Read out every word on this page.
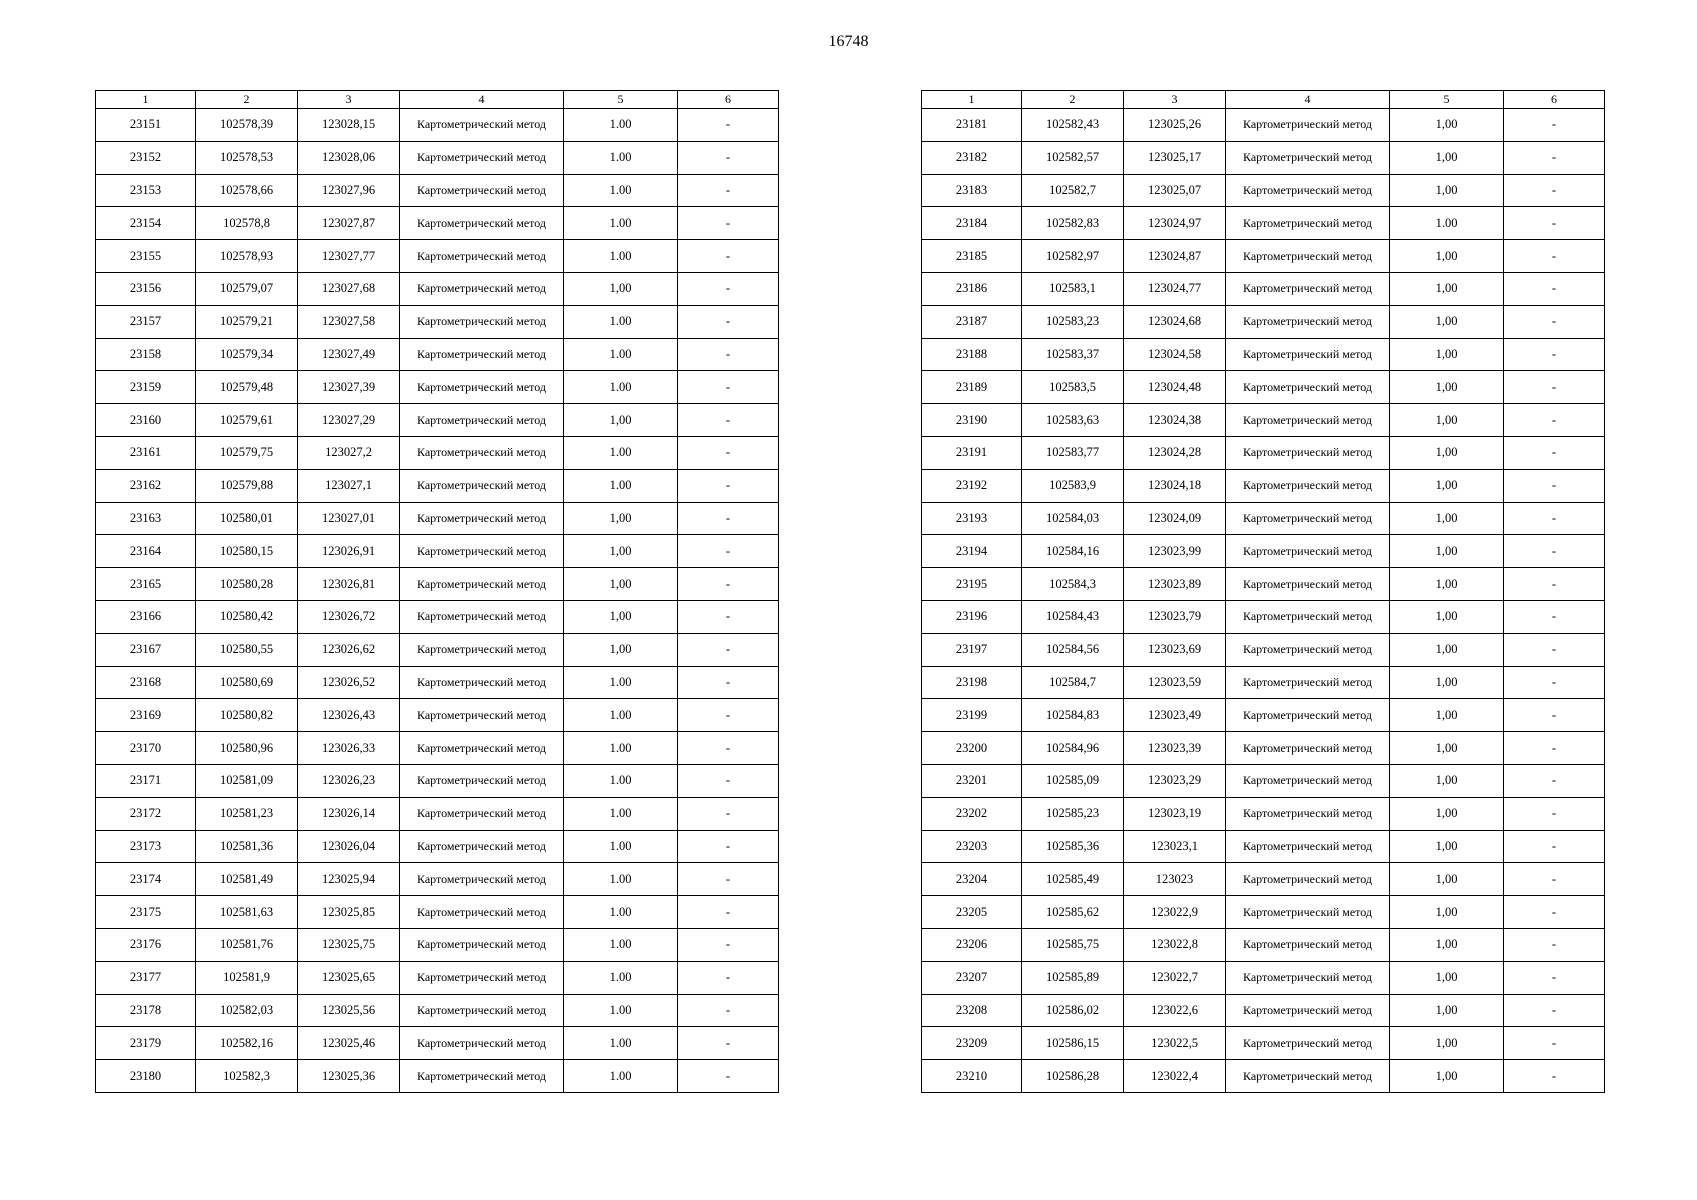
16748
1	2	3	4	5	6
23151	102578,39	123028,15	Картометрический метод	1.00	-
23152	102578,53	123028,06	Картометрический метод	1.00	-
23153	102578,66	123027,96	Картометрический метод	1.00	-
23154	102578,8	123027,87	Картометрический метод	1.00	-
23155	102578,93	123027,77	Картометрический метод	1.00	-
23156	102579,07	123027,68	Картометрический метод	1,00	-
23157	102579,21	123027,58	Картометрический метод	1.00	-
23158	102579,34	123027,49	Картометрический метод	1.00	-
23159	102579,48	123027,39	Картометрический метод	1.00	-
23160	102579,61	123027,29	Картометрический метод	1,00	-
23161	102579,75	123027,2	Картометрический метод	1.00	-
23162	102579,88	123027,1	Картометрический метод	1.00	-
23163	102580,01	123027,01	Картометрический метод	1,00	-
23164	102580,15	123026,91	Картометрический метод	1,00	-
23165	102580,28	123026,81	Картометрический метод	1,00	-
23166	102580,42	123026,72	Картометрический метод	1,00	-
23167	102580,55	123026,62	Картометрический метод	1,00	-
23168	102580,69	123026,52	Картометрический метод	1.00	-
23169	102580,82	123026,43	Картометрический метод	1.00	-
23170	102580,96	123026,33	Картометрический метод	1.00	-
23171	102581,09	123026,23	Картометрический метод	1.00	-
23172	102581,23	123026,14	Картометрический метод	1.00	-
23173	102581,36	123026,04	Картометрический метод	1.00	-
23174	102581,49	123025,94	Картометрический метод	1.00	-
23175	102581,63	123025,85	Картометрический метод	1.00	-
23176	102581,76	123025,75	Картометрический метод	1.00	-
23177	102581,9	123025,65	Картометрический метод	1.00	-
23178	102582,03	123025,56	Картометрический метод	1.00	-
23179	102582,16	123025,46	Картометрический метод	1.00	-
23180	102582,3	123025,36	Картометрический метод	1.00	-
1	2	3	4	5	6
23181	102582,43	123025,26	Картометрический метод	1,00	-
23182	102582,57	123025,17	Картометрический метод	1,00	-
23183	102582,7	123025,07	Картометрический метод	1,00	-
23184	102582,83	123024,97	Картометрический метод	1.00	-
23185	102582,97	123024,87	Картометрический метод	1,00	-
23186	102583,1	123024,77	Картометрический метод	1,00	-
23187	102583,23	123024,68	Картометрический метод	1,00	-
23188	102583,37	123024,58	Картометрический метод	1,00	-
23189	102583,5	123024,48	Картометрический метод	1,00	-
23190	102583,63	123024,38	Картометрический метод	1,00	-
23191	102583,77	123024,28	Картометрический метод	1,00	-
23192	102583,9	123024,18	Картометрический метод	1,00	-
23193	102584,03	123024,09	Картометрический метод	1,00	-
23194	102584,16	123023,99	Картометрический метод	1,00	-
23195	102584,3	123023,89	Картометрический метод	1,00	-
23196	102584,43	123023,79	Картометрический метод	1,00	-
23197	102584,56	123023,69	Картометрический метод	1,00	-
23198	102584,7	123023,59	Картометрический метод	1,00	-
23199	102584,83	123023,49	Картометрический метод	1,00	-
23200	102584,96	123023,39	Картометрический метод	1,00	-
23201	102585,09	123023,29	Картометрический метод	1,00	-
23202	102585,23	123023,19	Картометрический метод	1,00	-
23203	102585,36	123023,1	Картометрический метод	1,00	-
23204	102585,49	123023	Картометрический метод	1,00	-
23205	102585,62	123022,9	Картометрический метод	1,00	-
23206	102585,75	123022,8	Картометрический метод	1,00	-
23207	102585,89	123022,7	Картометрический метод	1,00	-
23208	102586,02	123022,6	Картометрический метод	1,00	-
23209	102586,15	123022,5	Картометрический метод	1,00	-
23210	102586,28	123022,4	Картометрический метод	1,00	-
